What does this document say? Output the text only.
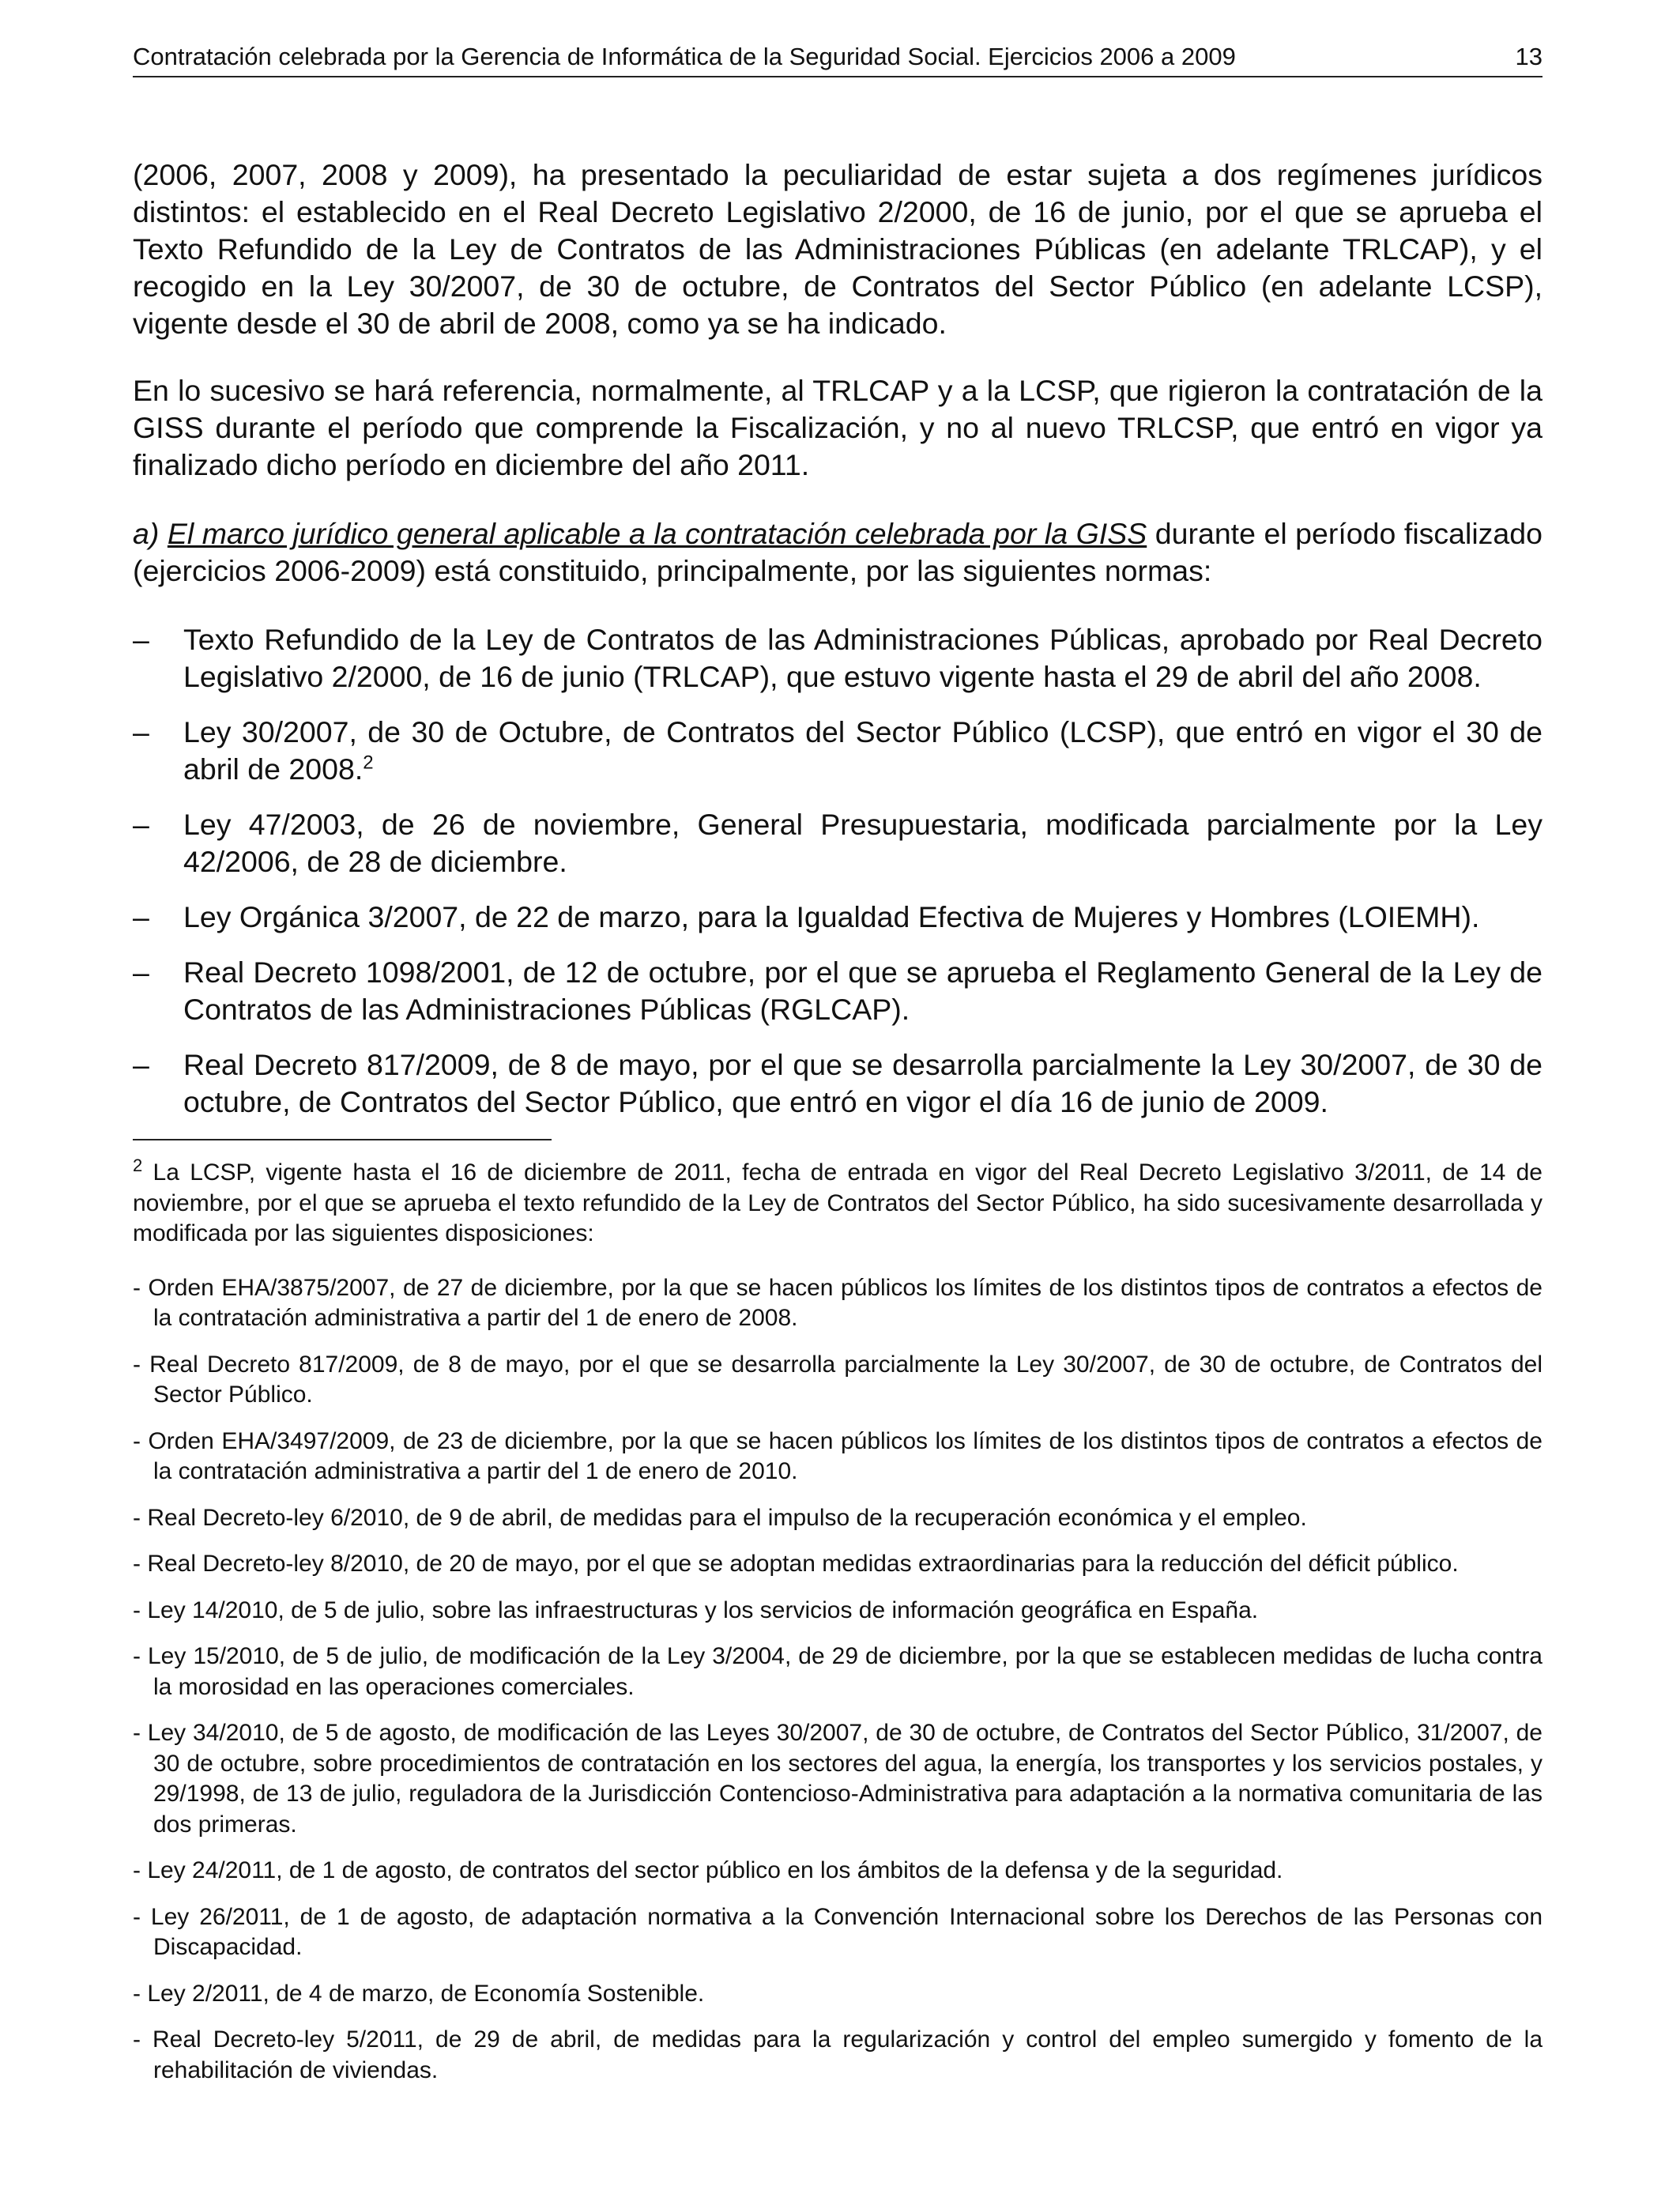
Contratación celebrada por la Gerencia de Informática de la Seguridad Social. Ejercicios 2006 a 2009	13

(2006, 2007, 2008 y 2009), ha presentado la peculiaridad de estar sujeta a dos regímenes jurídicos distintos: el establecido en el Real Decreto Legislativo 2/2000, de 16 de junio, por el que se aprueba el Texto Refundido de la Ley de Contratos de las Administraciones Públicas (en adelante TRLCAP), y el recogido en la Ley 30/2007, de 30 de octubre, de Contratos del Sector Público (en adelante LCSP), vigente desde el 30 de abril de 2008, como ya se ha indicado.

En lo sucesivo se hará referencia, normalmente, al TRLCAP y a la LCSP, que rigieron la contratación de la GISS durante el período que comprende la Fiscalización, y no al nuevo TRLCSP, que entró en vigor ya finalizado dicho período en diciembre del año 2011.

a) El marco jurídico general aplicable a la contratación celebrada por la GISS durante el período fiscalizado (ejercicios 2006-2009) está constituido, principalmente, por las siguientes normas:

– Texto Refundido de la Ley de Contratos de las Administraciones Públicas, aprobado por Real Decreto Legislativo 2/2000, de 16 de junio (TRLCAP), que estuvo vigente hasta el 29 de abril del año 2008.
– Ley 30/2007, de 30 de Octubre, de Contratos del Sector Público (LCSP), que entró en vigor el 30 de abril de 2008.$^2$
– Ley 47/2003, de 26 de noviembre, General Presupuestaria, modificada parcialmente por la Ley 42/2006, de 28 de diciembre.
– Ley Orgánica 3/2007, de 22 de marzo, para la Igualdad Efectiva de Mujeres y Hombres (LOIEMH).
– Real Decreto 1098/2001, de 12 de octubre, por el que se aprueba el Reglamento General de la Ley de Contratos de las Administraciones Públicas (RGLCAP).
– Real Decreto 817/2009, de 8 de mayo, por el que se desarrolla parcialmente la Ley 30/2007, de 30 de octubre, de Contratos del Sector Público, que entró en vigor el día 16 de junio de 2009.

$^2$ La LCSP, vigente hasta el 16 de diciembre de 2011, fecha de entrada en vigor del Real Decreto Legislativo 3/2011, de 14 de noviembre, por el que se aprueba el texto refundido de la Ley de Contratos del Sector Público, ha sido sucesivamente desarrollada y modificada por las siguientes disposiciones:

- Orden EHA/3875/2007, de 27 de diciembre, por la que se hacen públicos los límites de los distintos tipos de contratos a efectos de la contratación administrativa a partir del 1 de enero de 2008.
- Real Decreto 817/2009, de 8 de mayo, por el que se desarrolla parcialmente la Ley 30/2007, de 30 de octubre, de Contratos del Sector Público.
- Orden EHA/3497/2009, de 23 de diciembre, por la que se hacen públicos los límites de los distintos tipos de contratos a efectos de la contratación administrativa a partir del 1 de enero de 2010.
- Real Decreto-ley 6/2010, de 9 de abril, de medidas para el impulso de la recuperación económica y el empleo.
- Real Decreto-ley 8/2010, de 20 de mayo, por el que se adoptan medidas extraordinarias para la reducción del déficit público.
- Ley 14/2010, de 5 de julio, sobre las infraestructuras y los servicios de información geográfica en España.
- Ley 15/2010, de 5 de julio, de modificación de la Ley 3/2004, de 29 de diciembre, por la que se establecen medidas de lucha contra la morosidad en las operaciones comerciales.
- Ley 34/2010, de 5 de agosto, de modificación de las Leyes 30/2007, de 30 de octubre, de Contratos del Sector Público, 31/2007, de 30 de octubre, sobre procedimientos de contratación en los sectores del agua, la energía, los transportes y los servicios postales, y 29/1998, de 13 de julio, reguladora de la Jurisdicción Contencioso-Administrativa para adaptación a la normativa comunitaria de las dos primeras.
- Ley 24/2011, de 1 de agosto, de contratos del sector público en los ámbitos de la defensa y de la seguridad.
- Ley 26/2011, de 1 de agosto, de adaptación normativa a la Convención Internacional sobre los Derechos de las Personas con Discapacidad.
- Ley 2/2011, de 4 de marzo, de Economía Sostenible.
- Real Decreto-ley 5/2011, de 29 de abril, de medidas para la regularización y control del empleo sumergido y fomento de la rehabilitación de viviendas.
